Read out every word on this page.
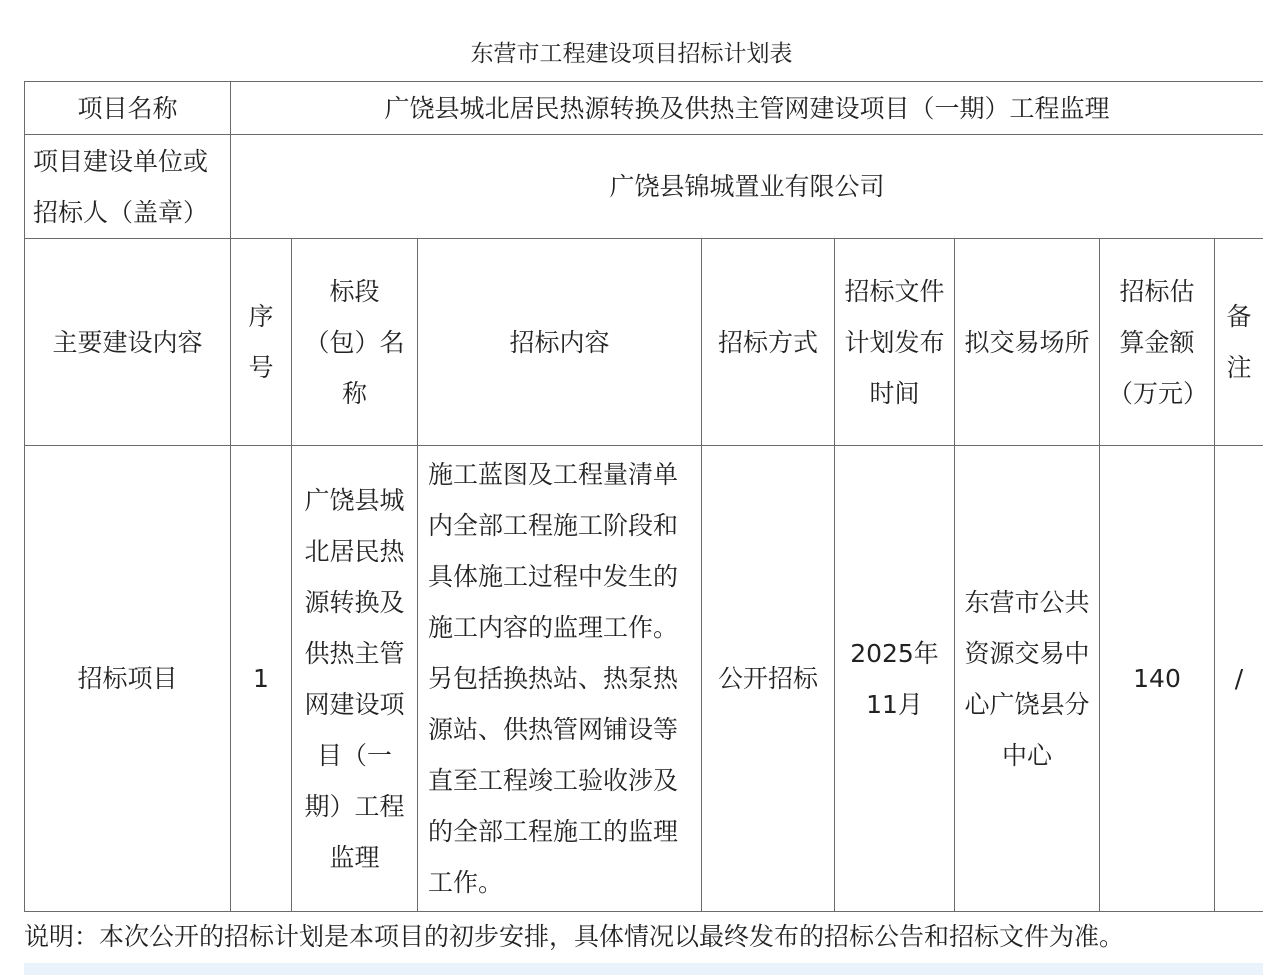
东营市工程建设项目招标计划表
项目名称	广饶县城北居民热源转换及供热主管网建设项目（一期）工程监理							
项目建设单位或招标人（盖章）	广饶县锦城置业有限公司							
主要建设内容	序号	标段（包）名称	招标内容	招标方式	招标文件计划发布时间	拟交易场所	招标估算金额（万元）	备注
招标项目	1	广饶县城北居民热源转换及供热主管网建设项目（一期）工程监理	施工蓝图及工程量清单内全部工程施工阶段和具体施工过程中发生的施工内容的监理工作。另包括换热站、热泵热源站、供热管网铺设等直至工程竣工验收涉及的全部工程施工的监理工作。	公开招标	2025年11月	东营市公共资源交易中心广饶县分中心	140	/
说明：本次公开的招标计划是本项目的初步安排，具体情况以最终发布的招标公告和招标文件为准。
